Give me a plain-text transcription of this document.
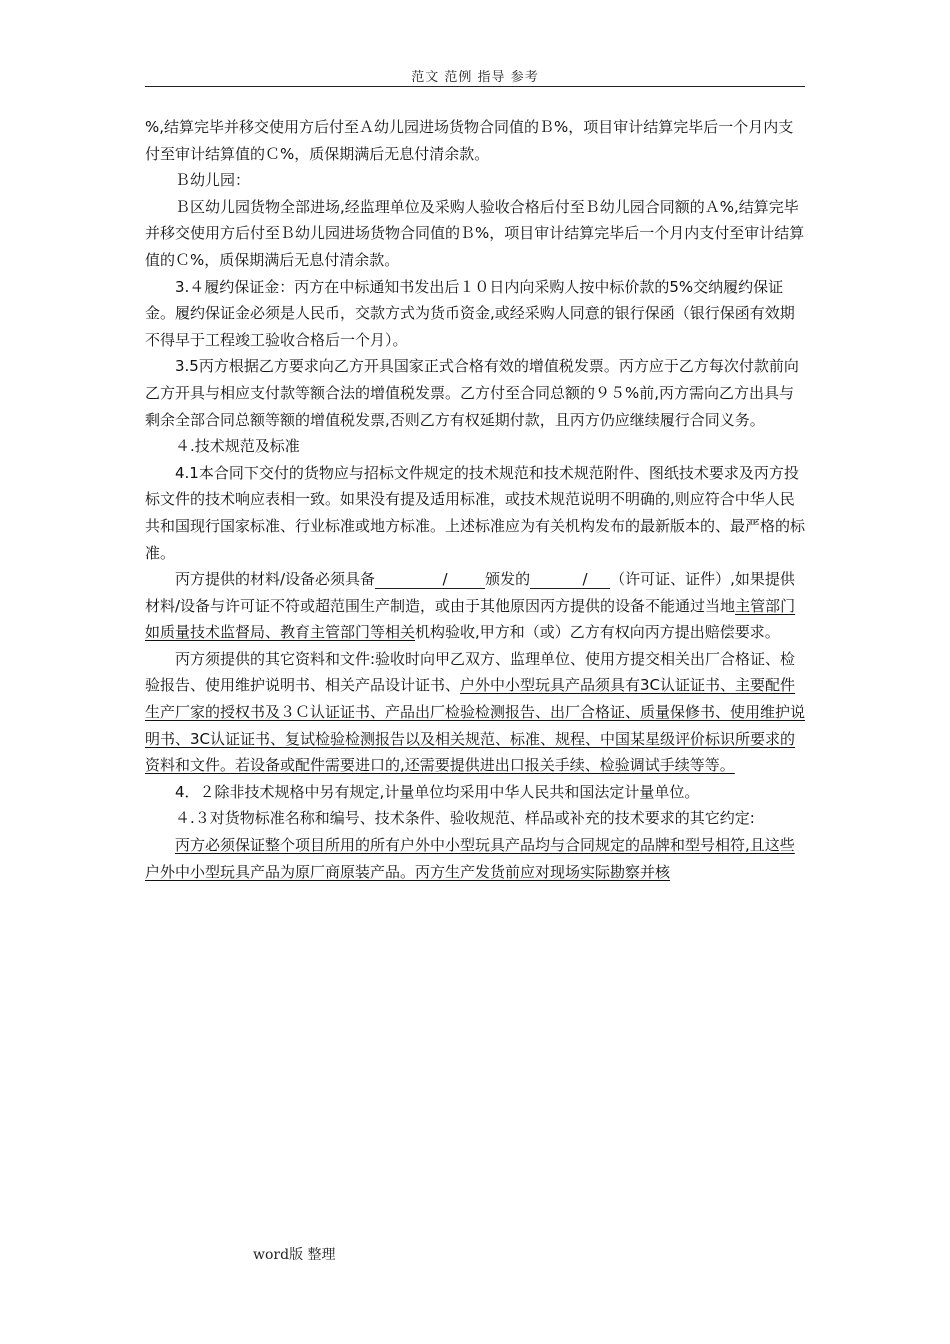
范文 范例 指导 参考

%,结算完毕并移交使用方后付至Ａ幼儿园进场货物合同值的Ｂ%，项目审计结算完毕后一个月内支付至审计结算值的Ｃ%，质保期满后无息付清余款。

Ｂ幼儿园：

Ｂ区幼儿园货物全部进场,经监理单位及采购人验收合格后付至Ｂ幼儿园合同额的Ａ%,结算完毕并移交使用方后付至Ｂ幼儿园进场货物合同值的Ｂ%，项目审计结算完毕后一个月内支付至审计结算值的Ｃ%，质保期满后无息付清余款。

3.４履约保证金：丙方在中标通知书发出后１０日内向采购人按中标价款的5%交纳履约保证金。履约保证金必须是人民币，交款方式为货币资金,或经采购人同意的银行保函（银行保函有效期不得早于工程竣工验收合格后一个月）。

3.5丙方根据乙方要求向乙方开具国家正式合格有效的增值税发票。丙方应于乙方每次付款前向乙方开具与相应支付款等额合法的增值税发票。乙方付至合同总额的９５%前,丙方需向乙方出具与剩余全部合同总额等额的增值税发票,否则乙方有权延期付款，且丙方仍应继续履行合同义务。

４.技术规范及标准

4.1本合同下交付的货物应与招标文件规定的技术规范和技术规范附件、图纸技术要求及丙方投标文件的技术响应表相一致。如果没有提及适用标准，或技术规范说明不明确的,则应符合中华人民共和国现行国家标准、行业标准或地方标准。上述标准应为有关机构发布的最新版本的、最严格的标准。

丙方提供的材料/设备必须具备	/ 颁发的	/ （许可证、证件）,如果提供材料/设备与许可证不符或超范围生产制造，或由于其他原因丙方提供的设备不能通过当地主管部门如质量技术监督局、教育主管部门等相关机构验收,甲方和（或）乙方有权向丙方提出赔偿要求。

丙方须提供的其它资料和文件:验收时向甲乙双方、监理单位、使用方提交相关出厂合格证、检验报告、使用维护说明书、相关产品设计证书、户外中小型玩具产品须具有3C认证证书、主要配件生产厂家的授权书及３Ｃ认证证书、产品出厂检验检测报告、出厂合格证、质量保修书、使用维护说明书、3C认证证书、复试检验检测报告以及相关规范、标准、规程、中国某星级评价标识所要求的资料和文件。若设备或配件需要进口的,还需要提供进出口报关手续、检验调试手续等等。

4．２除非技术规格中另有规定,计量单位均采用中华人民共和国法定计量单位。

４.３对货物标准名称和编号、技术条件、验收规范、样品或补充的技术要求的其它约定:

丙方必须保证整个项目所用的所有户外中小型玩具产品均与合同规定的品牌和型号相符,且这些户外中小型玩具产品为原厂商原装产品。丙方生产发货前应对现场实际勘察并核

word版 整理
